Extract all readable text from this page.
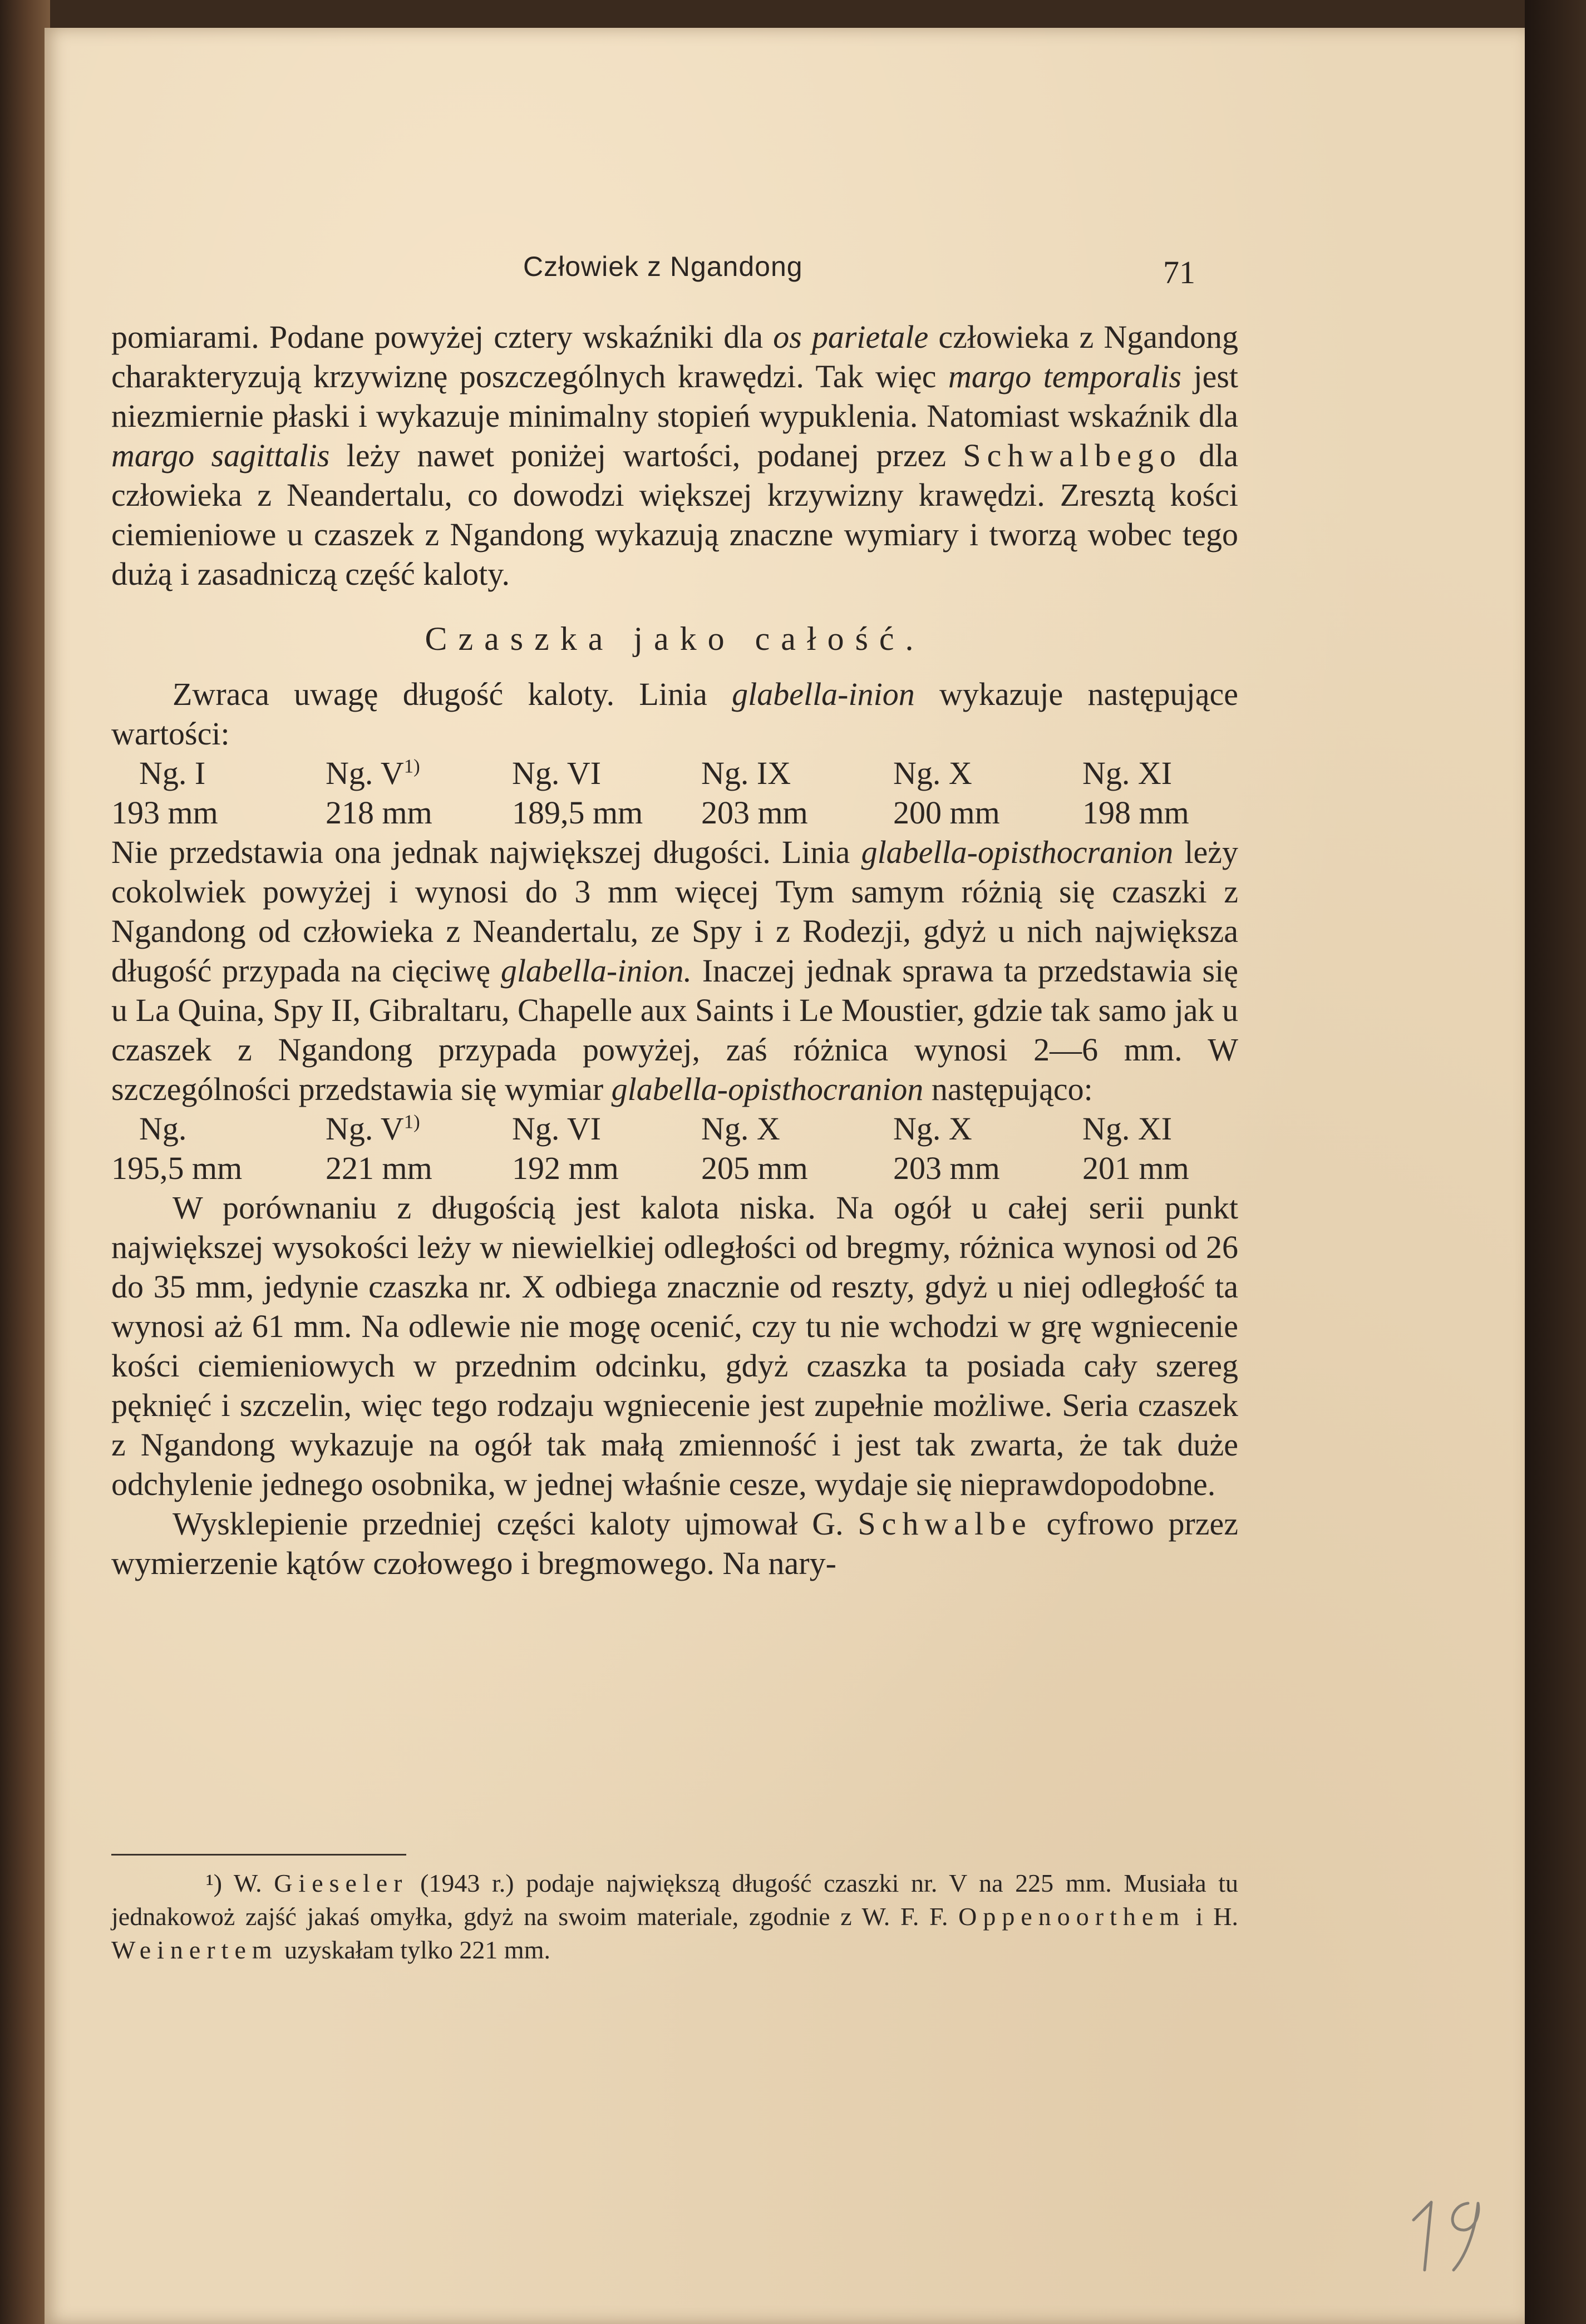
Człowiek z Ngandong	71

pomiarami. Podane powyżej cztery wskaźniki dla os parietale człowieka z Ngandong charakteryzują krzywiznę poszczególnych krawędzi. Tak więc margo temporalis jest niezmiernie płaski i wykazuje minimalny stopień wypuklenia. Natomiast wskaźnik dla margo sagittalis leży nawet poniżej wartości, podanej przez Schwalbego dla człowieka z Neandertalu, co dowodzi większej krzywizny krawędzi. Zresztą kości ciemieniowe u czaszek z Ngandong wykazują znaczne wymiary i tworzą wobec tego dużą i zasadniczą część kaloty.

Czaszka jako całość.

Zwraca uwagę długość kaloty. Linia glabella-inion wykazuje następujące wartości:

Ng. I	Ng. $V^{1)}$	Ng. VI	Ng. IX	Ng. X	Ng. XI
193 mm	218 mm	189,5 mm	203 mm	200 mm	198 mm

Nie przedstawia ona jednak największej długości. Linia glabella-opisthocranion leży cokolwiek powyżej i wynosi do 3 mm więcej Tym samym różnią się czaszki z Ngandong od człowieka z Neandertalu, ze Spy i z Rodezji, gdyż u nich największa długość przypada na cięciwę glabella-inion. Inaczej jednak sprawa ta przedstawia się u La Quina, Spy II, Gibraltaru, Chapelle aux Saints i Le Moustier, gdzie tak samo jak u czaszek z Ngandong przypada powyżej, zaś różnica wynosi 2—6 mm. W szczególności przedstawia się wymiar glabella-opisthocranion następująco:

Ng.	Ng. $V^{1)}$	Ng. VI	Ng. X	Ng. X	Ng. XI
195,5 mm	221 mm	192 mm	205 mm	203 mm	201 mm

W porównaniu z długością jest kalota niska. Na ogół u całej serii punkt największej wysokości leży w niewielkiej odległości od bregmy, różnica wynosi od 26 do 35 mm, jedynie czaszka nr. X odbiega znacznie od reszty, gdyż u niej odległość ta wynosi aż 61 mm. Na odlewie nie mogę ocenić, czy tu nie wchodzi w grę wgniecenie kości ciemieniowych w przednim odcinku, gdyż czaszka ta posiada cały szereg pęknięć i szczelin, więc tego rodzaju wgniecenie jest zupełnie możliwe. Seria czaszek z Ngandong wykazuje na ogół tak małą zmienność i jest tak zwarta, że tak duże odchylenie jednego osobnika, w jednej właśnie cesze, wydaje się nieprawdopodobne.

Wysklepienie przedniej części kaloty ujmował G. Schwalbe cyfrowo przez wymierzenie kątów czołowego i bregmowego. Na nary-

¹) W. Gieseler (1943 r.) podaje największą długość czaszki nr. V na 225 mm. Musiała tu jednakowoż zajść jakaś omyłka, gdyż na swoim materiale, zgodnie z W. F. F. Oppenoorthem i H. Weinertem uzyskałam tylko 221 mm.
